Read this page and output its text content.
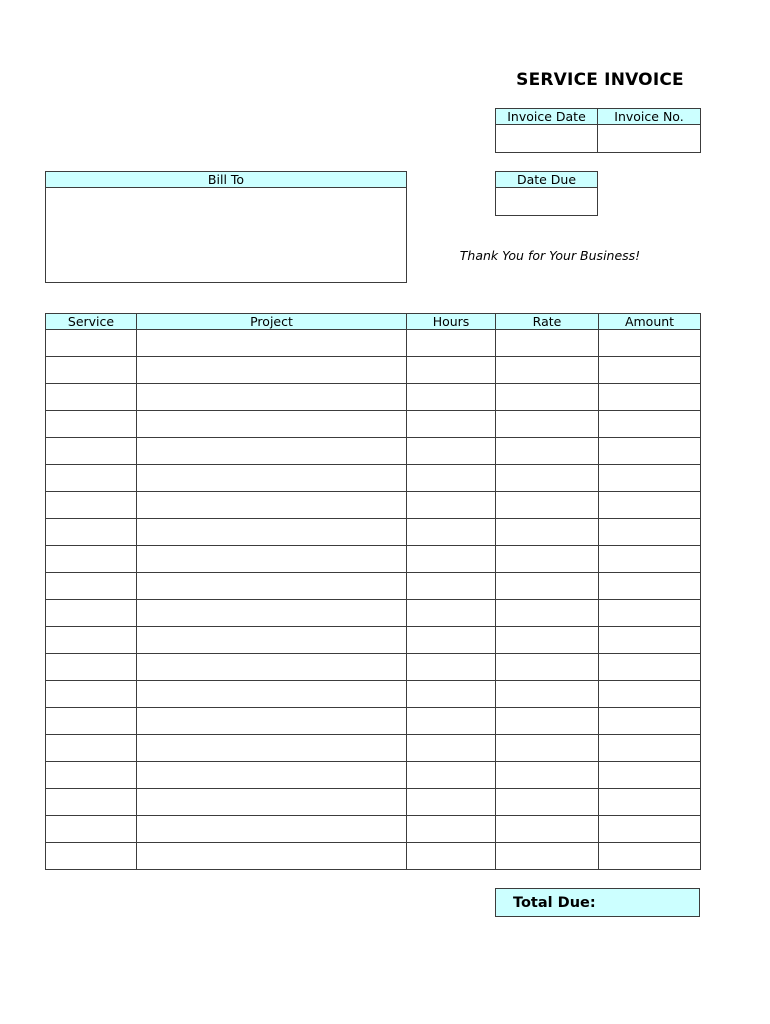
SERVICE INVOICE
Invoice Date	Invoice No.

Bill To	Date Due

Thank You for Your Business!
Service	Project	Hours	Rate	Amount

Total Due:
